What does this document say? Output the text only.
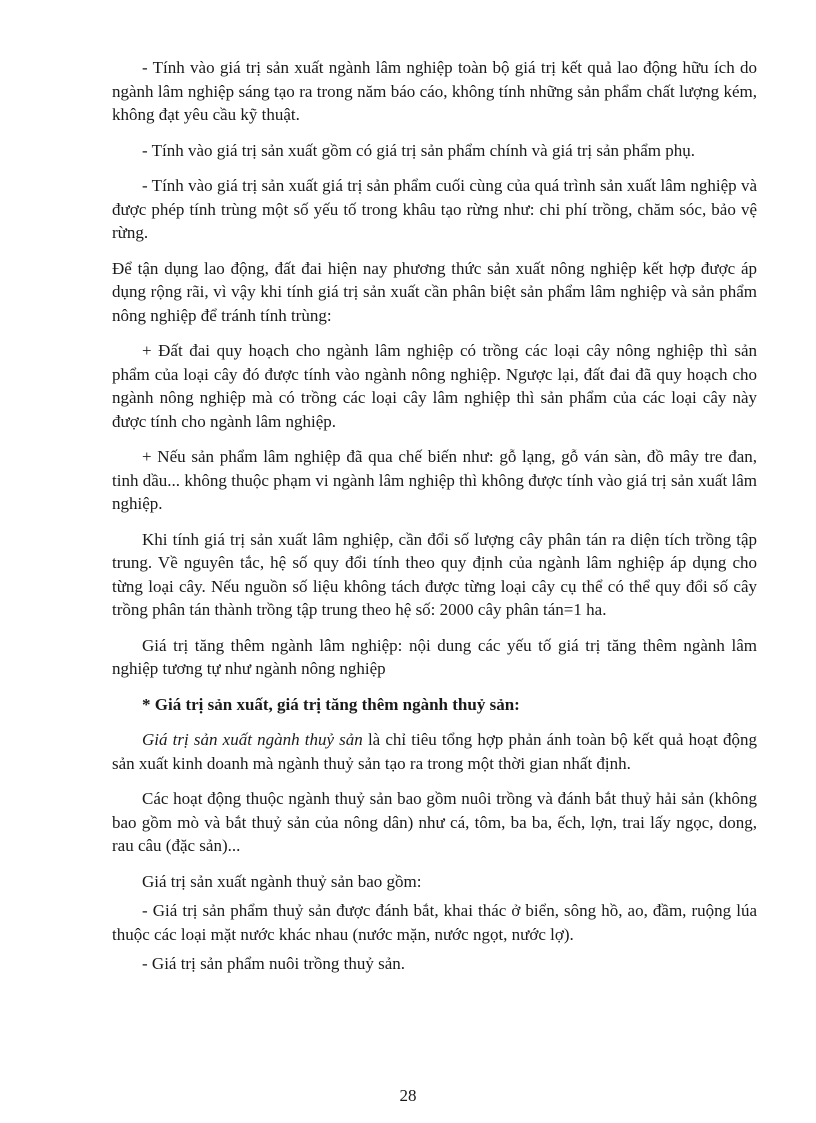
- Tính vào giá trị sản xuất ngành lâm nghiệp toàn bộ giá trị kết quả lao động hữu ích do ngành lâm nghiệp sáng tạo ra trong năm báo cáo, không tính những sản phẩm chất lượng kém, không đạt yêu cầu kỹ thuật.

- Tính vào giá trị sản xuất gồm có giá trị sản phẩm chính và giá trị sản phẩm phụ.

- Tính vào giá trị sản xuất giá trị sản phẩm cuối cùng của quá trình sản xuất lâm nghiệp và được phép tính trùng một số yếu tố trong khâu tạo rừng như: chi phí trồng, chăm sóc, bảo vệ rừng.

Để tận dụng lao động, đất đai hiện nay phương thức sản xuất nông nghiệp kết hợp được áp dụng rộng rãi, vì vậy khi tính giá trị sản xuất cần phân biệt sản phẩm lâm nghiệp và sản phẩm nông nghiệp để tránh tính trùng:

+ Đất đai quy hoạch cho ngành lâm nghiệp có trồng các loại cây nông nghiệp thì sản phẩm của loại cây đó được tính vào ngành nông nghiệp. Ngược lại, đất đai đã quy hoạch cho ngành nông nghiệp mà có trồng các loại cây lâm nghiệp thì sản phẩm của các loại cây này được tính cho ngành lâm nghiệp.

+ Nếu sản phẩm lâm nghiệp đã qua chế biến như: gỗ lạng, gỗ ván sàn, đồ mây tre đan, tinh dầu... không thuộc phạm vi ngành lâm nghiệp thì không được tính vào giá trị sản xuất lâm nghiệp.

Khi tính giá trị sản xuất lâm nghiệp, cần đổi số lượng cây phân tán ra diện tích trồng tập trung. Về nguyên tắc, hệ số quy đổi tính theo quy định của ngành lâm nghiệp áp dụng cho từng loại cây. Nếu nguồn số liệu không tách được từng loại cây cụ thể có thể quy đổi số cây trồng phân tán thành trồng tập trung theo hệ số: 2000 cây phân tán=1 ha.

Giá trị tăng thêm ngành lâm nghiệp: nội dung các yếu tố giá trị tăng thêm ngành lâm nghiệp tương tự như ngành nông nghiệp

* Giá trị sản xuất, giá trị tăng thêm ngành thuỷ sản:

Giá trị sản xuất ngành thuỷ sản là chỉ tiêu tổng hợp phản ánh toàn bộ kết quả hoạt động sản xuất kinh doanh mà ngành thuỷ sản tạo ra trong một thời gian nhất định.

Các hoạt động thuộc ngành thuỷ sản bao gồm nuôi trồng và đánh bắt thuỷ hải sản (không bao gồm mò và bắt thuỷ sản của nông dân) như cá, tôm, ba ba, ếch, lợn, trai lấy ngọc, dong, rau câu (đặc sản)...

Giá trị sản xuất ngành thuỷ sản bao gồm:

- Giá trị sản phẩm thuỷ sản được đánh bắt, khai thác ở biển, sông hồ, ao, đầm, ruộng lúa thuộc các loại mặt nước khác nhau (nước mặn, nước ngọt, nước lợ).

- Giá trị sản phẩm nuôi trồng thuỷ sản.

28
